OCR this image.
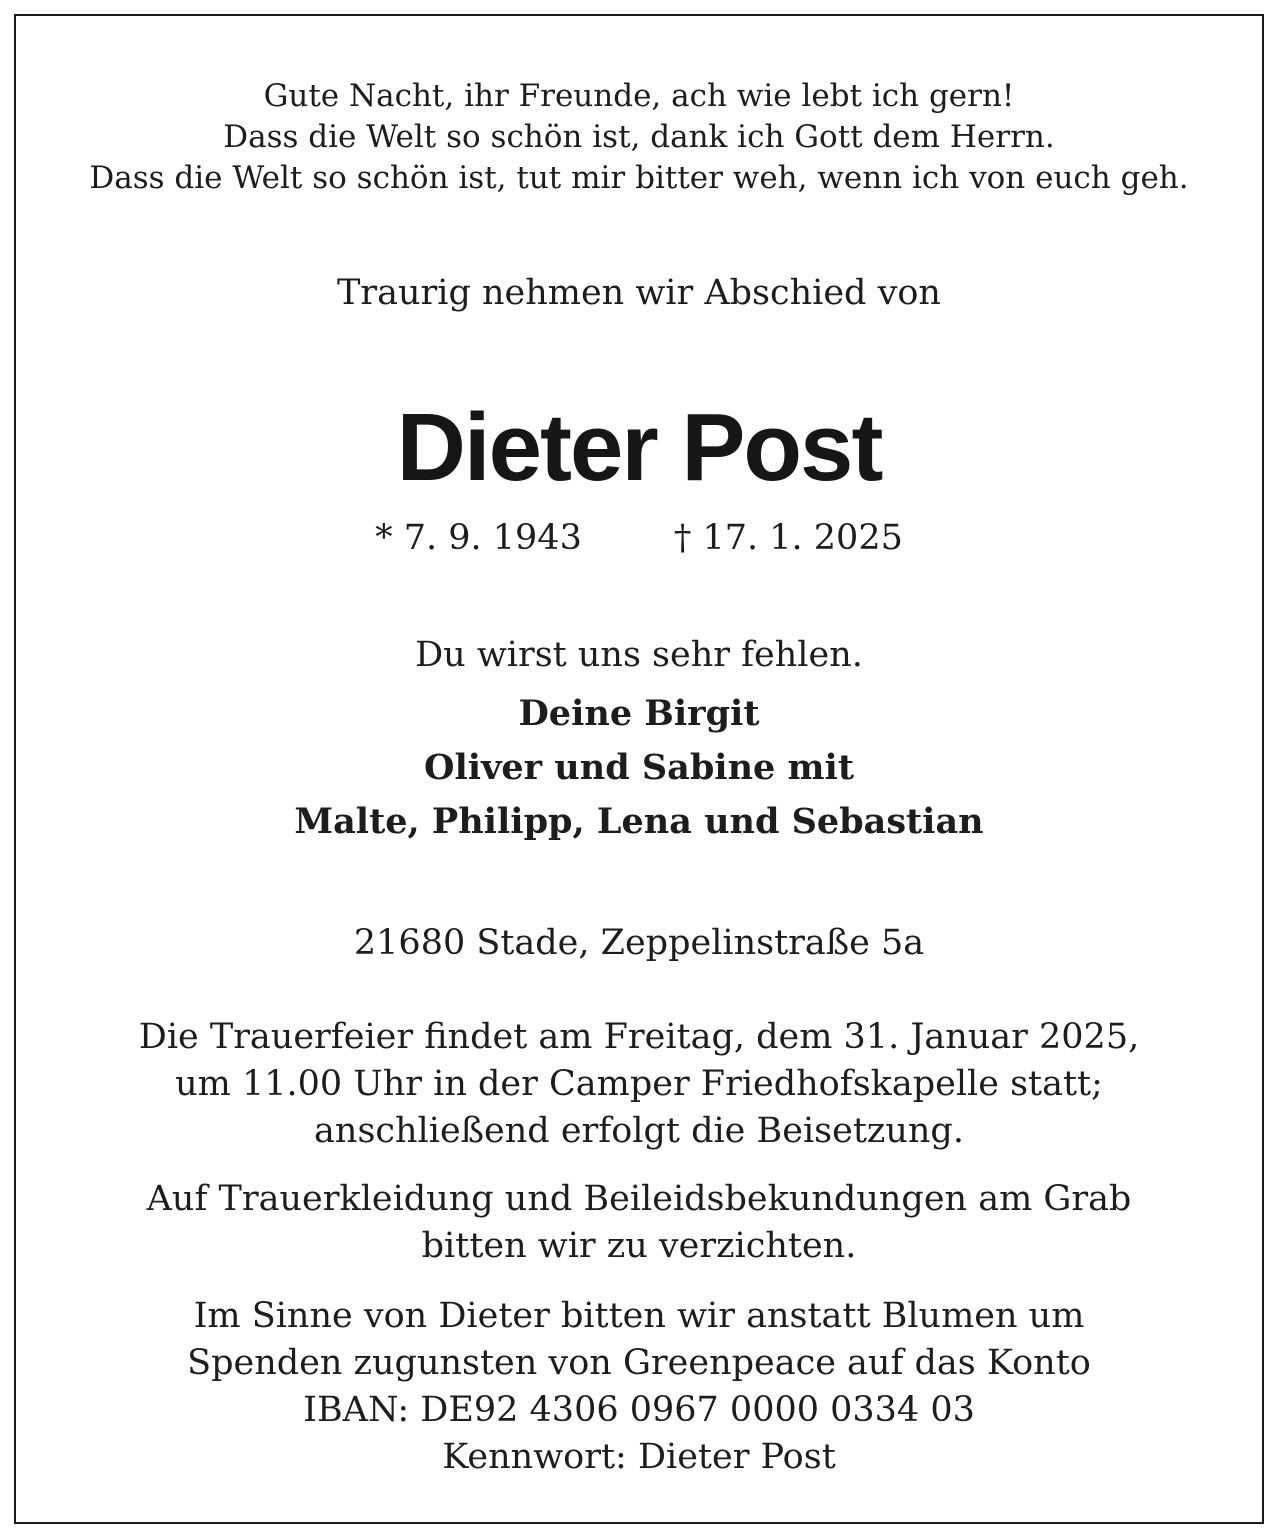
Gute Nacht, ihr Freunde, ach wie lebt ich gern!
Dass die Welt so schön ist, dank ich Gott dem Herrn.
Dass die Welt so schön ist, tut mir bitter weh, wenn ich von euch geh.
Traurig nehmen wir Abschied von
Dieter Post
* 7. 9. 1943	† 17. 1. 2025
Du wirst uns sehr fehlen.
Deine Birgit
Oliver und Sabine mit
Malte, Philipp, Lena und Sebastian
21680 Stade, Zeppelinstraße 5a
Die Trauerfeier findet am Freitag, dem 31. Januar 2025,
um 11.00 Uhr in der Camper Friedhofskapelle statt;
anschließend erfolgt die Beisetzung.
Auf Trauerkleidung und Beileidsbekundungen am Grab
bitten wir zu verzichten.
Im Sinne von Dieter bitten wir anstatt Blumen um
Spenden zugunsten von Greenpeace auf das Konto
IBAN: DE92 4306 0967 0000 0334 03
Kennwort: Dieter Post
